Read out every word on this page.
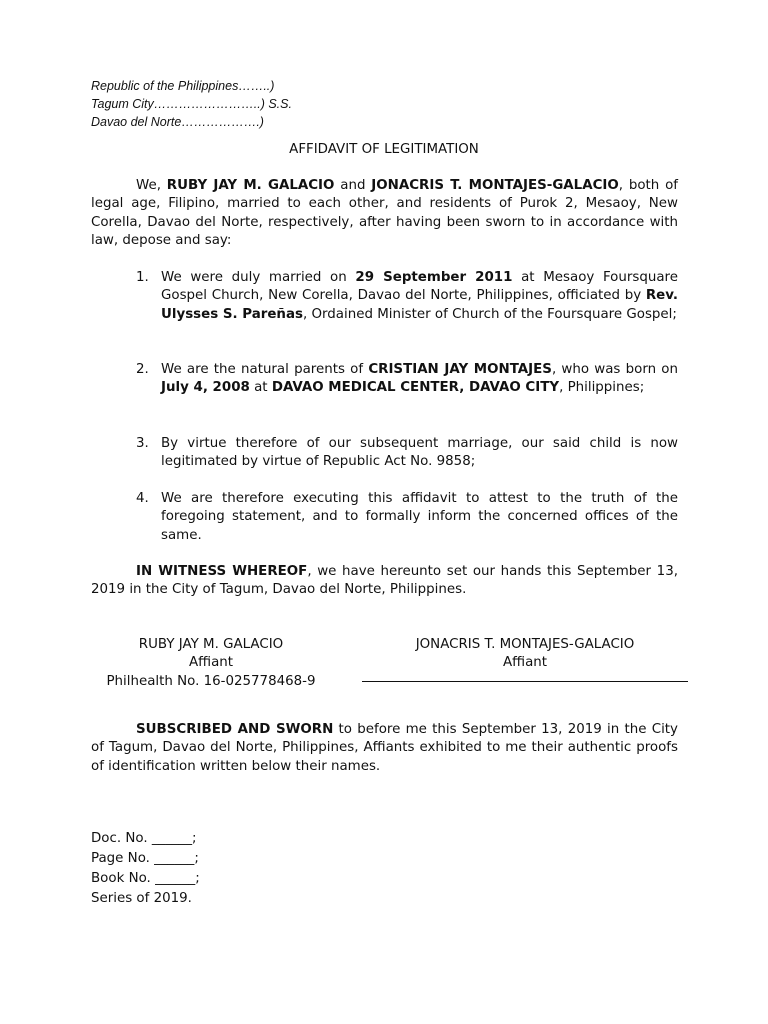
Republic of the Philippines……..)
Tagum City……………………..) S.S.
Davao del Norte……………….)
AFFIDAVIT OF LEGITIMATION
We, RUBY JAY M. GALACIO and JONACRIS T. MONTAJES-GALACIO, both of legal age, Filipino, married to each other, and residents of Purok 2, Mesaoy, New Corella, Davao del Norte, respectively, after having been sworn to in accordance with law, depose and say:
1. We were duly married on 29 September 2011 at Mesaoy Foursquare Gospel Church, New Corella, Davao del Norte, Philippines, officiated by Rev. Ulysses S. Pareñas, Ordained Minister of Church of the Foursquare Gospel;
2. We are the natural parents of CRISTIAN JAY MONTAJES, who was born on July 4, 2008 at DAVAO MEDICAL CENTER, DAVAO CITY, Philippines;
3. By virtue therefore of our subsequent marriage, our said child is now legitimated by virtue of Republic Act No. 9858;
4. We are therefore executing this affidavit to attest to the truth of the foregoing statement, and to formally inform the concerned offices of the same.
IN WITNESS WHEREOF, we have hereunto set our hands this September 13, 2019 in the City of Tagum, Davao del Norte, Philippines.
RUBY JAY M. GALACIO
Affiant
Philhealth No. 16-025778468-9
JONACRIS T. MONTAJES-GALACIO
Affiant
SUBSCRIBED AND SWORN to before me this September 13, 2019 in the City of Tagum, Davao del Norte, Philippines, Affiants exhibited to me their authentic proofs of identification written below their names.
Doc. No. ______;
Page No. ______;
Book No. ______;
Series of 2019.
